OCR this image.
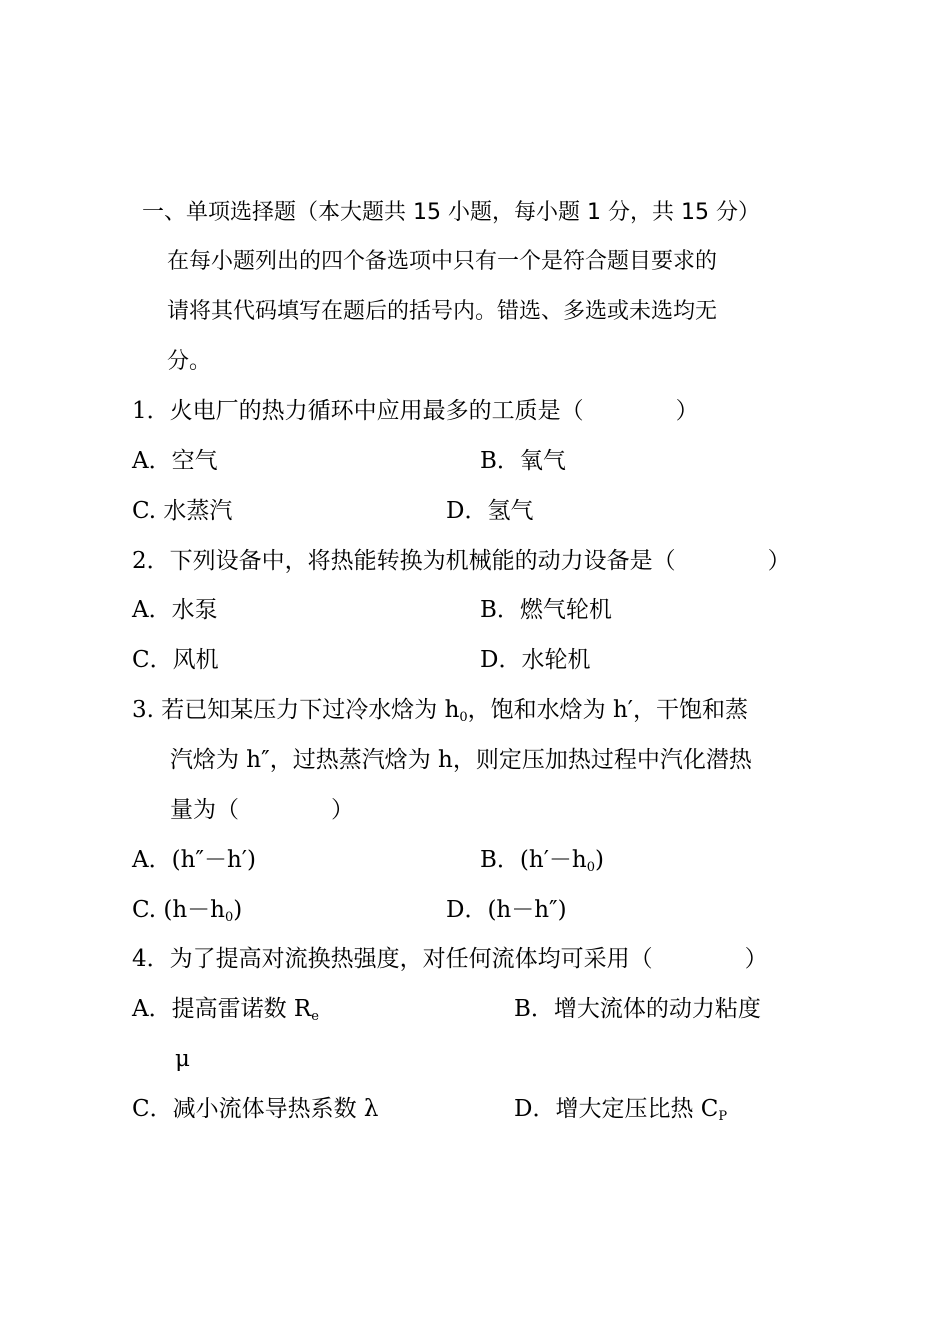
一、单项选择题（本大题共 15 小题，每小题 1 分，共 15 分）
在每小题列出的四个备选项中只有一个是符合题目要求的
请将其代码填写在题后的括号内。错选、多选或未选均无
分。
1．火电厂的热力循环中应用最多的工质是（　　　　）
A．空气	B．氧气
C. 水蒸汽	D．氢气
2．下列设备中，将热能转换为机械能的动力设备是（　　　　）
A．水泵	B．燃气轮机
C．风机	D．水轮机
3. 若已知某压力下过冷水焓为 $h_0$，饱和水焓为 h′，干饱和蒸
汽焓为 h″，过热蒸汽焓为 h，则定压加热过程中汽化潜热
量为（　　　　）
A．(h″－h′)	B．$(h'-h_0)$
C. $(h-h_0)$	D．(h－h″)
4．为了提高对流换热强度，对任何流体均可采用（　　　　）
A．提高雷诺数 $R_e$	B．增大流体的动力粘度
μ
C．减小流体导热系数 λ	D．增大定压比热 $C_P$
